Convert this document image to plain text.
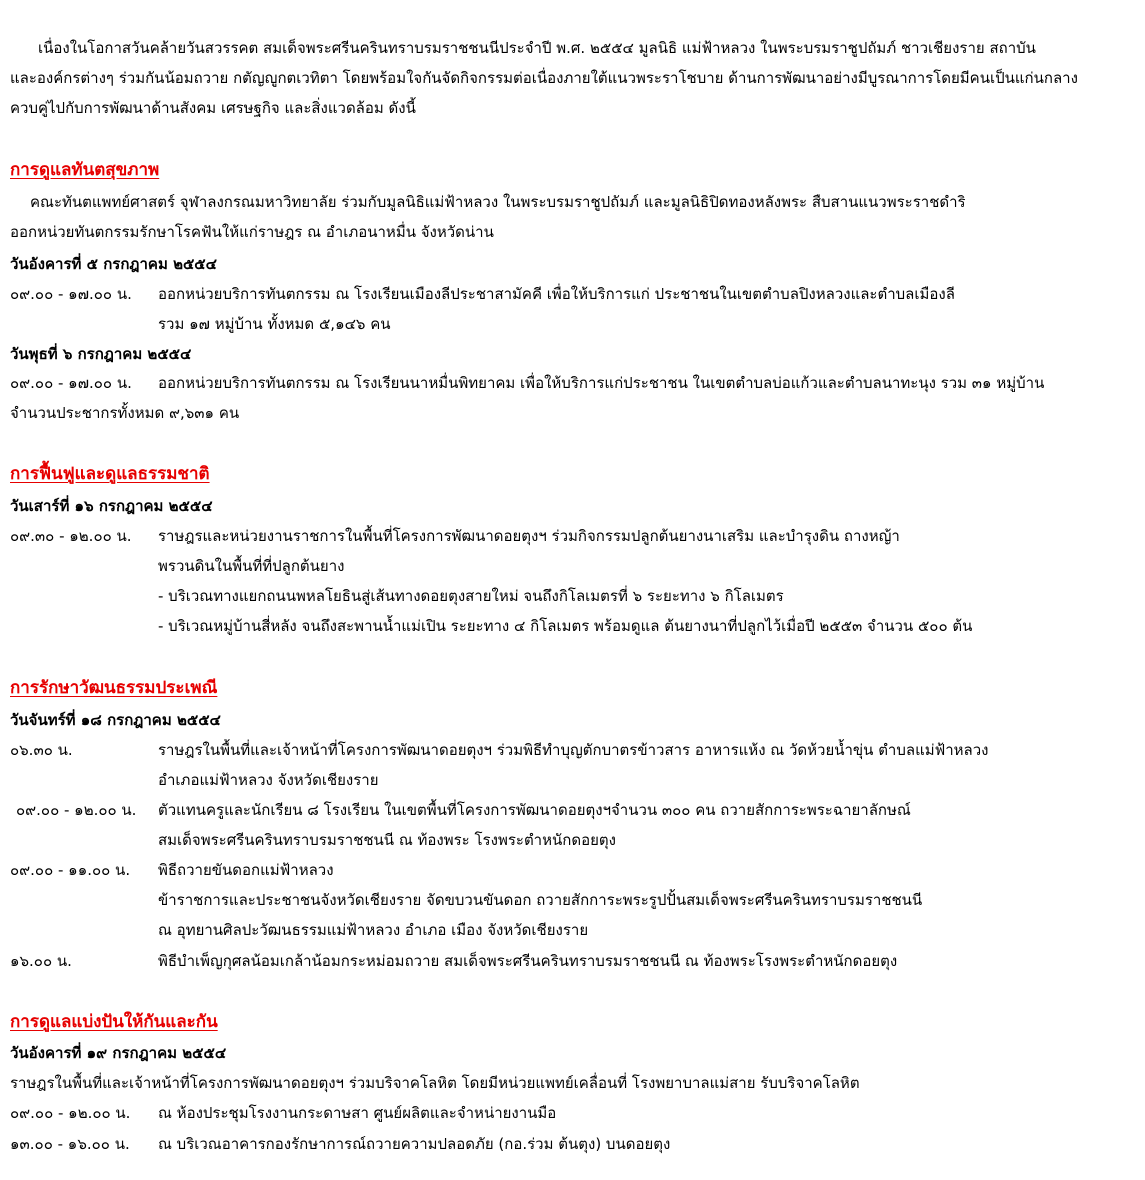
เนื่องในโอกาสวันคล้ายวันสวรรคต สมเด็จพระศรีนครินทราบรมราชชนนีประจำปี พ.ศ. ๒๕๕๔ มูลนิธิ แม่ฟ้าหลวง ในพระบรมราชูปถัมภ์ ชาวเชียงราย สถาบัน
และองค์กรต่างๆ ร่วมกันน้อมถวาย กตัญญูกตเวทิตา โดยพร้อมใจกันจัดกิจกรรมต่อเนื่องภายใต้แนวพระราโชบาย ด้านการพัฒนาอย่างมีบูรณาการโดยมีคนเป็นแก่นกลาง
ควบคู่ไปกับการพัฒนาด้านสังคม เศรษฐกิจ และสิ่งแวดล้อม ดังนี้
การดูแลทันตสุขภาพ
คณะทันตแพทย์ศาสตร์ จุฬาลงกรณมหาวิทยาลัย ร่วมกับมูลนิธิแม่ฟ้าหลวง ในพระบรมราชูปถัมภ์ และมูลนิธิปิดทองหลังพระ สืบสานแนวพระราชดำริ
ออกหน่วยทันตกรรมรักษาโรคฟันให้แก่ราษฎร ณ อำเภอนาหมื่น จังหวัดน่าน
วันอังคารที่ ๕ กรกฎาคม ๒๕๕๔
๐๙.๐๐ - ๑๗.๐๐ น. ออกหน่วยบริการทันตกรรม ณ โรงเรียนเมืองลีประชาสามัคคี เพื่อให้บริการแก่ ประชาชนในเขตตำบลปิงหลวงและตำบลเมืองลี
รวม ๑๗ หมู่บ้าน ทั้งหมด ๕,๑๔๖ คน
วันพุธที่ ๖ กรกฎาคม ๒๕๕๔
๐๙.๐๐ - ๑๗.๐๐ น. ออกหน่วยบริการทันตกรรม ณ โรงเรียนนาหมื่นพิทยาคม เพื่อให้บริการแก่ประชาชน ในเขตตำบลบ่อแก้วและตำบลนาทะนุง รวม ๓๑ หมู่บ้าน
จำนวนประชากรทั้งหมด ๙,๖๓๑ คน
การฟื้นฟูและดูแลธรรมชาติ
วันเสาร์ที่ ๑๖ กรกฎาคม ๒๕๕๔
๐๙.๓๐ - ๑๒.๐๐ น. ราษฎรและหน่วยงานราชการในพื้นที่โครงการพัฒนาดอยตุงฯ ร่วมกิจกรรมปลูกต้นยางนาเสริม และบำรุงดิน ถางหญ้า
พรวนดินในพื้นที่ที่ปลูกต้นยาง
- บริเวณทางแยกถนนพหลโยธินสู่เส้นทางดอยตุงสายใหม่ จนถึงกิโลเมตรที่ ๖ ระยะทาง ๖ กิโลเมตร
- บริเวณหมู่บ้านสี่หลัง จนถึงสะพานน้ำแม่เปิน ระยะทาง ๔ กิโลเมตร พร้อมดูแล ต้นยางนาที่ปลูกไว้เมื่อปี ๒๕๕๓ จำนวน ๕๐๐ ต้น
การรักษาวัฒนธรรมประเพณี
วันจันทร์ที่ ๑๘ กรกฎาคม ๒๕๕๔
๐๖.๓๐ น.	ราษฎรในพื้นที่และเจ้าหน้าที่โครงการพัฒนาดอยตุงฯ ร่วมพิธีทำบุญตักบาตรข้าวสาร อาหารแห้ง ณ วัดห้วยน้ำขุ่น ตำบลแม่ฟ้าหลวง
อำเภอแม่ฟ้าหลวง จังหวัดเชียงราย
๐๙.๐๐ - ๑๒.๐๐ น. ตัวแทนครูและนักเรียน ๘ โรงเรียน ในเขตพื้นที่โครงการพัฒนาดอยตุงฯจำนวน ๓๐๐ คน ถวายสักการะพระฉายาลักษณ์
สมเด็จพระศรีนครินทราบรมราชชนนี ณ ท้องพระ โรงพระตำหนักดอยตุง
๐๙.๐๐ - ๑๑.๐๐ น. พิธีถวายขันดอกแม่ฟ้าหลวง
ข้าราชการและประชาชนจังหวัดเชียงราย จัดขบวนขันดอก ถวายสักการะพระรูปปั้นสมเด็จพระศรีนครินทราบรมราชชนนี
ณ อุทยานศิลปะวัฒนธรรมแม่ฟ้าหลวง อำเภอ เมือง จังหวัดเชียงราย
๑๖.๐๐ น.	พิธีบำเพ็ญกุศลน้อมเกล้าน้อมกระหม่อมถวาย สมเด็จพระศรีนครินทราบรมราชชนนี ณ ท้องพระโรงพระตำหนักดอยตุง
การดูแลแบ่งปันให้กันและกัน
วันอังคารที่ ๑๙ กรกฎาคม ๒๕๕๔
ราษฎรในพื้นที่และเจ้าหน้าที่โครงการพัฒนาดอยตุงฯ ร่วมบริจาคโลหิต โดยมีหน่วยแพทย์เคลื่อนที่ โรงพยาบาลแม่สาย รับบริจาคโลหิต
๐๙.๐๐ - ๑๒.๐๐ น. ณ ห้องประชุมโรงงานกระดาษสา ศูนย์ผลิตและจำหน่ายงานมือ
๑๓.๐๐ - ๑๖.๐๐ น. ณ บริเวณอาคารกองรักษาการณ์ถวายความปลอดภัย (กอ.ร่วม ต้นตุง) บนดอยตุง
